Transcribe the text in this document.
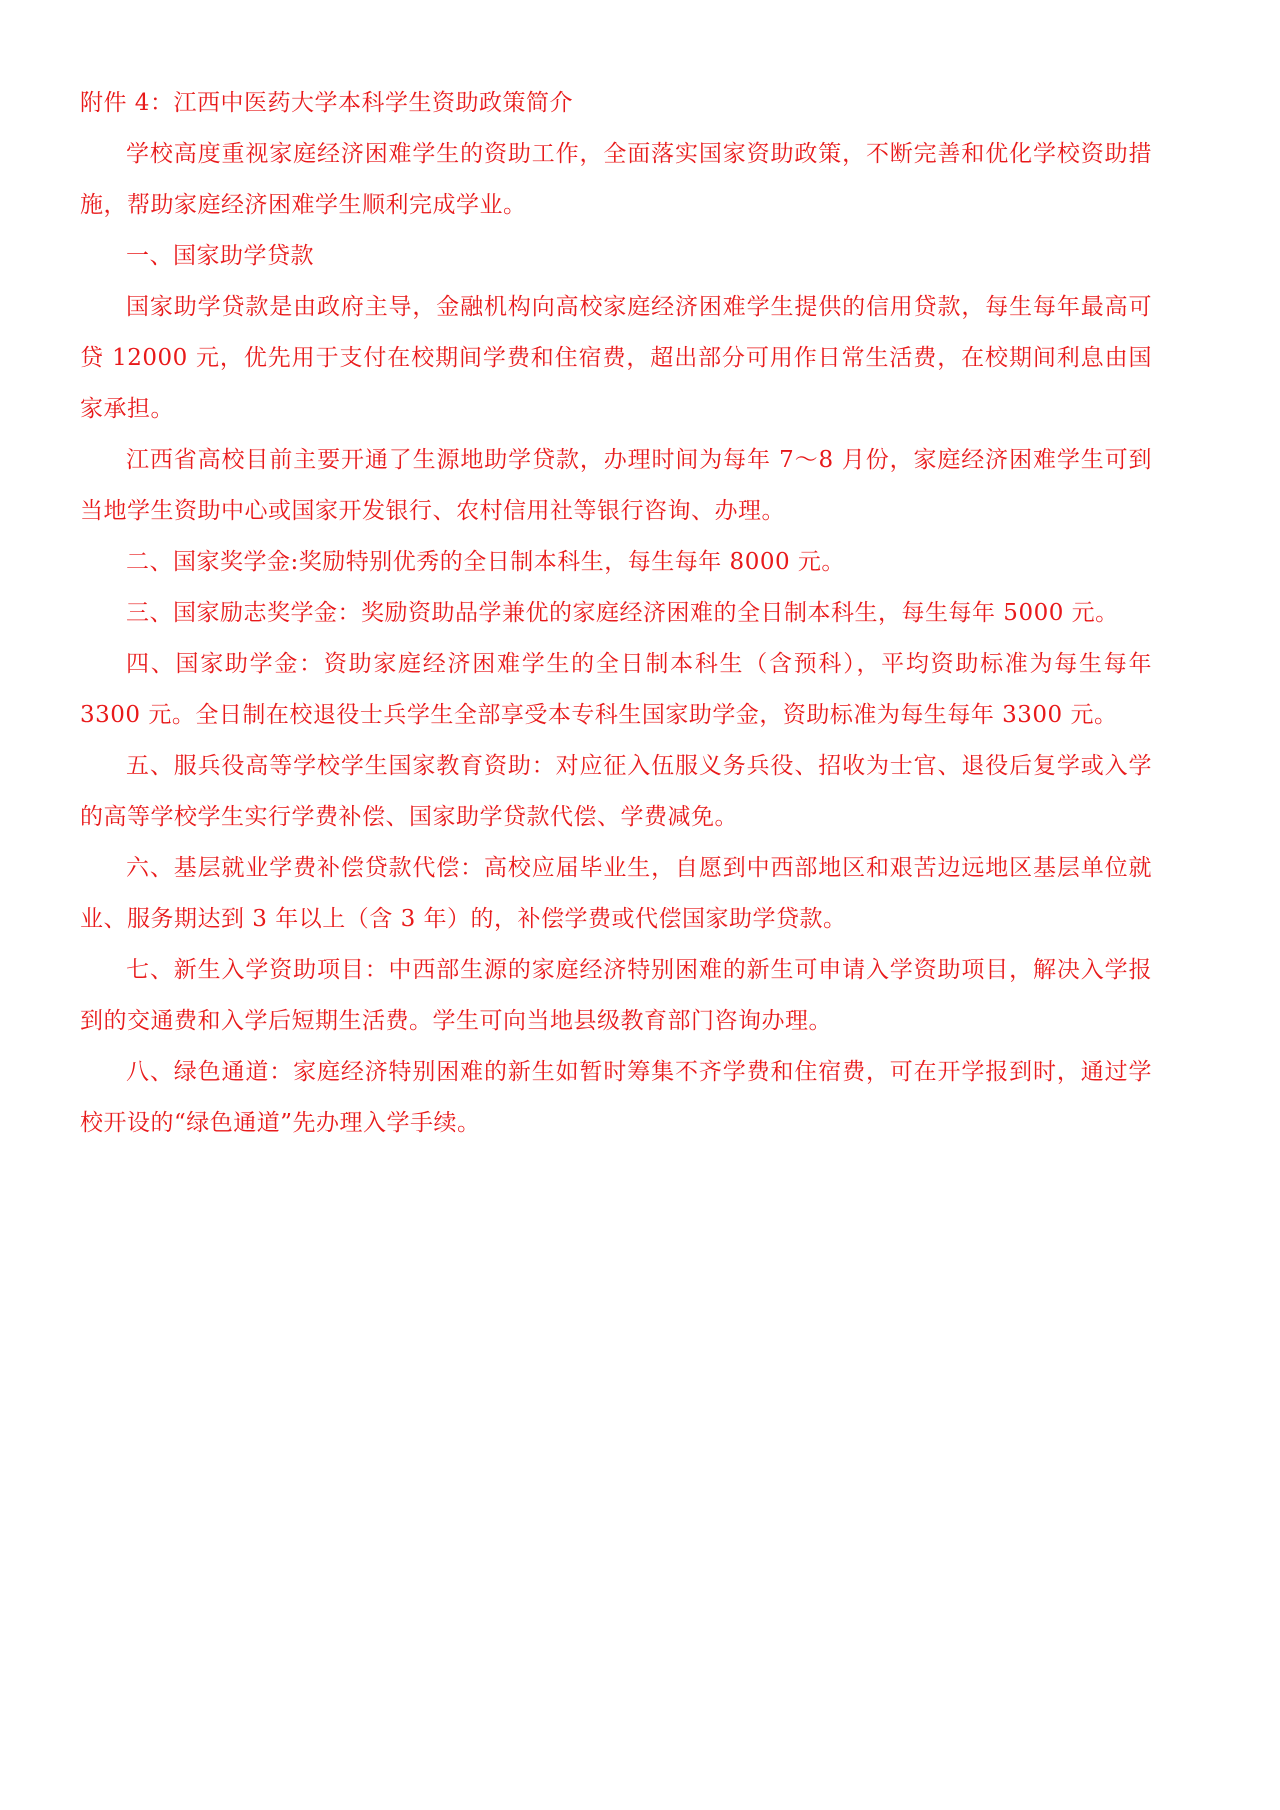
附件 4：江西中医药大学本科学生资助政策简介

学校高度重视家庭经济困难学生的资助工作，全面落实国家资助政策，不断完善和优化学校资助措施，帮助家庭经济困难学生顺利完成学业。

一、国家助学贷款

国家助学贷款是由政府主导，金融机构向高校家庭经济困难学生提供的信用贷款，每生每年最高可贷 12000 元，优先用于支付在校期间学费和住宿费，超出部分可用作日常生活费，在校期间利息由国家承担。

江西省高校目前主要开通了生源地助学贷款，办理时间为每年 7～8 月份，家庭经济困难学生可到当地学生资助中心或国家开发银行、农村信用社等银行咨询、办理。

二、国家奖学金:奖励特别优秀的全日制本科生，每生每年 8000 元。

三、国家励志奖学金：奖励资助品学兼优的家庭经济困难的全日制本科生，每生每年 5000 元。

四、国家助学金：资助家庭经济困难学生的全日制本科生（含预科），平均资助标准为每生每年 3300 元。全日制在校退役士兵学生全部享受本专科生国家助学金，资助标准为每生每年 3300 元。

五、服兵役高等学校学生国家教育资助：对应征入伍服义务兵役、招收为士官、退役后复学或入学的高等学校学生实行学费补偿、国家助学贷款代偿、学费减免。

六、基层就业学费补偿贷款代偿：高校应届毕业生，自愿到中西部地区和艰苦边远地区基层单位就业、服务期达到 3 年以上（含 3 年）的，补偿学费或代偿国家助学贷款。

七、新生入学资助项目：中西部生源的家庭经济特别困难的新生可申请入学资助项目，解决入学报到的交通费和入学后短期生活费。学生可向当地县级教育部门咨询办理。

八、绿色通道：家庭经济特别困难的新生如暂时筹集不齐学费和住宿费，可在开学报到时，通过学校开设的“绿色通道”先办理入学手续。
